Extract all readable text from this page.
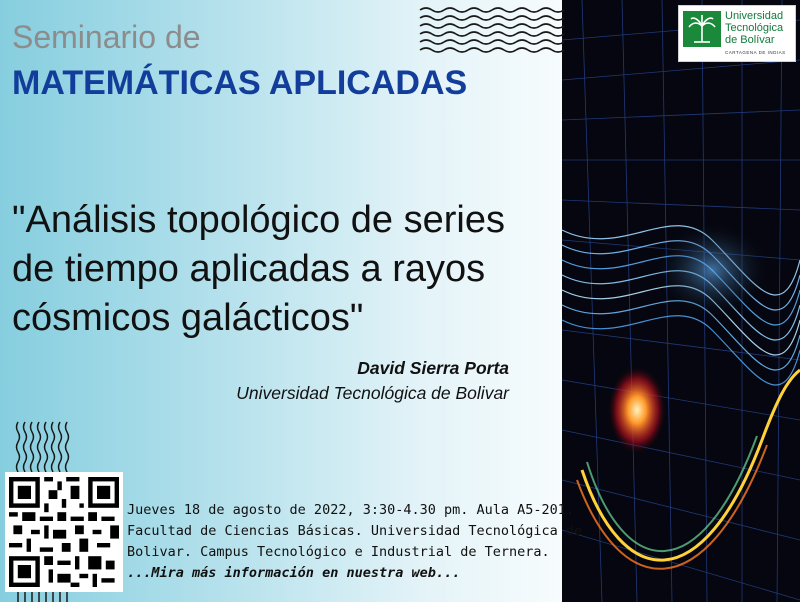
Seminario de
MATEMÁTICAS APLICADAS
"Análisis topológico de series de tiempo aplicadas a rayos cósmicos galácticos"
David Sierra Porta
Universidad Tecnológica de Bolivar
Jueves 18 de agosto de 2022, 3:30-4.30 pm. Aula A5-201.
Facultad de Ciencias Básicas. Universidad Tecnológica de
Bolivar. Campus Tecnológico e Industrial de Ternera.
...Mira más información en nuestra web...
Universidad
Tecnológica
de Bolívar
CARTAGENA DE INDIAS
